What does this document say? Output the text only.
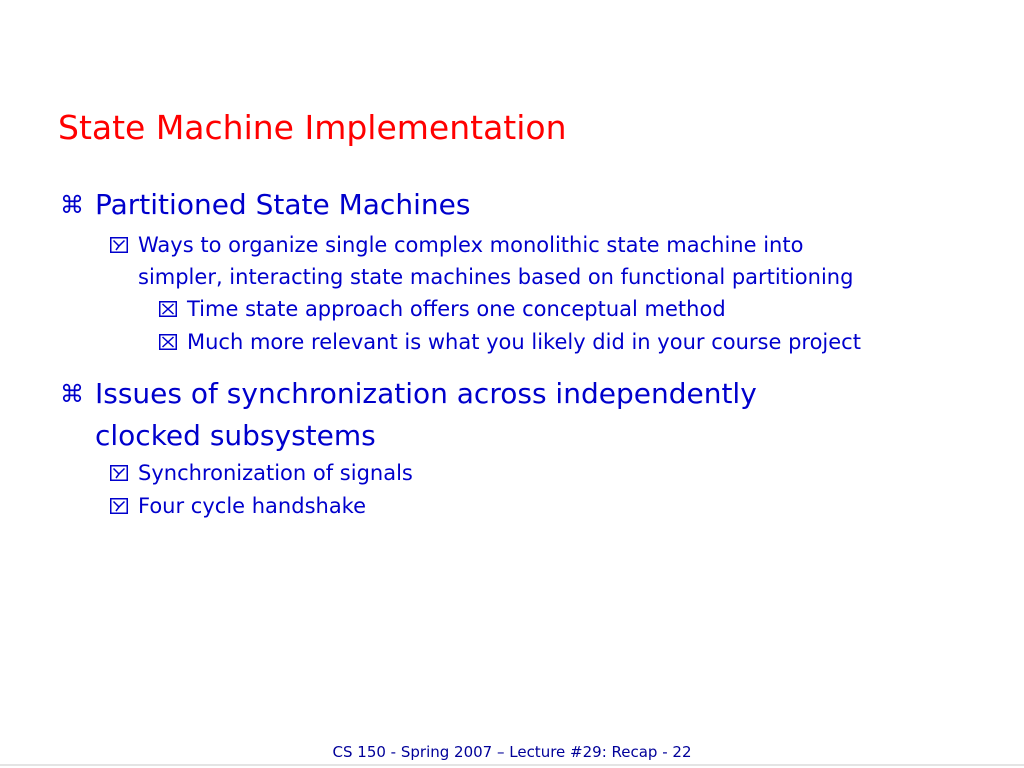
State Machine Implementation
⌘ Partitioned State Machines
Ways to organize single complex monolithic state machine into
simpler, interacting state machines based on functional partitioning
Time state approach offers one conceptual method
Much more relevant is what you likely did in your course project
⌘ Issues of synchronization across independently
clocked subsystems
Synchronization of signals
Four cycle handshake
CS 150 - Spring 2007 – Lecture #29: Recap - 22
